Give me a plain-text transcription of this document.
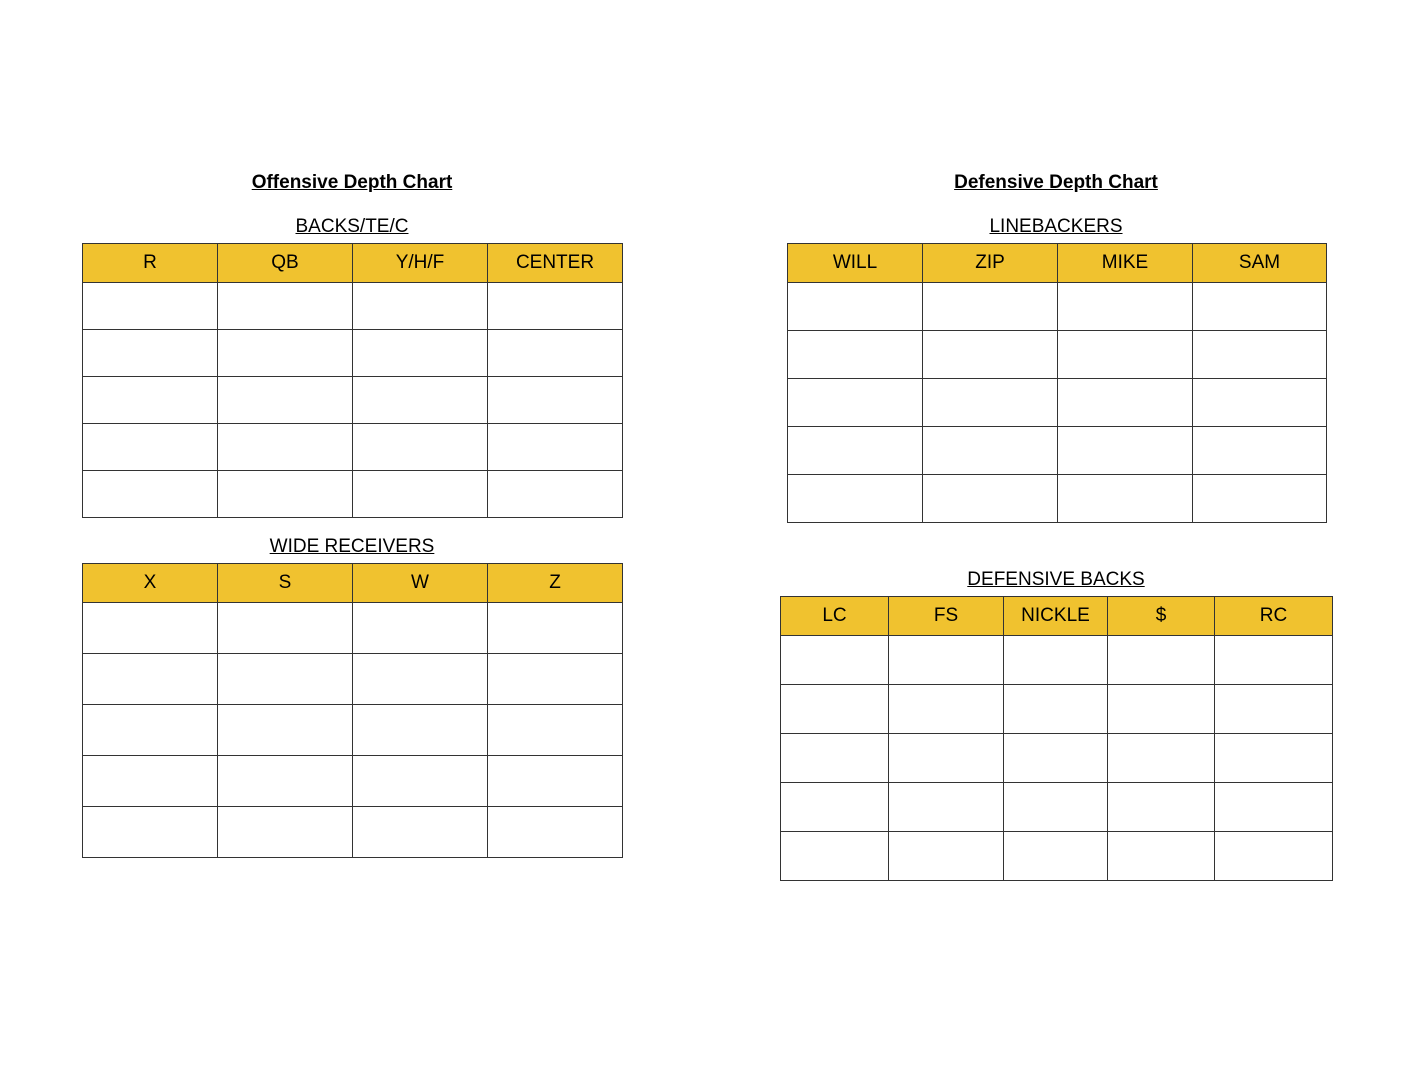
Offensive Depth Chart
BACKS/TE/C
R	QB	Y/H/F	CENTER

WIDE RECEIVERS
X	S	W	Z

Defensive Depth Chart
LINEBACKERS
WILL	ZIP	MIKE	SAM

DEFENSIVE BACKS
LC	FS	NICKLE	$	RC
